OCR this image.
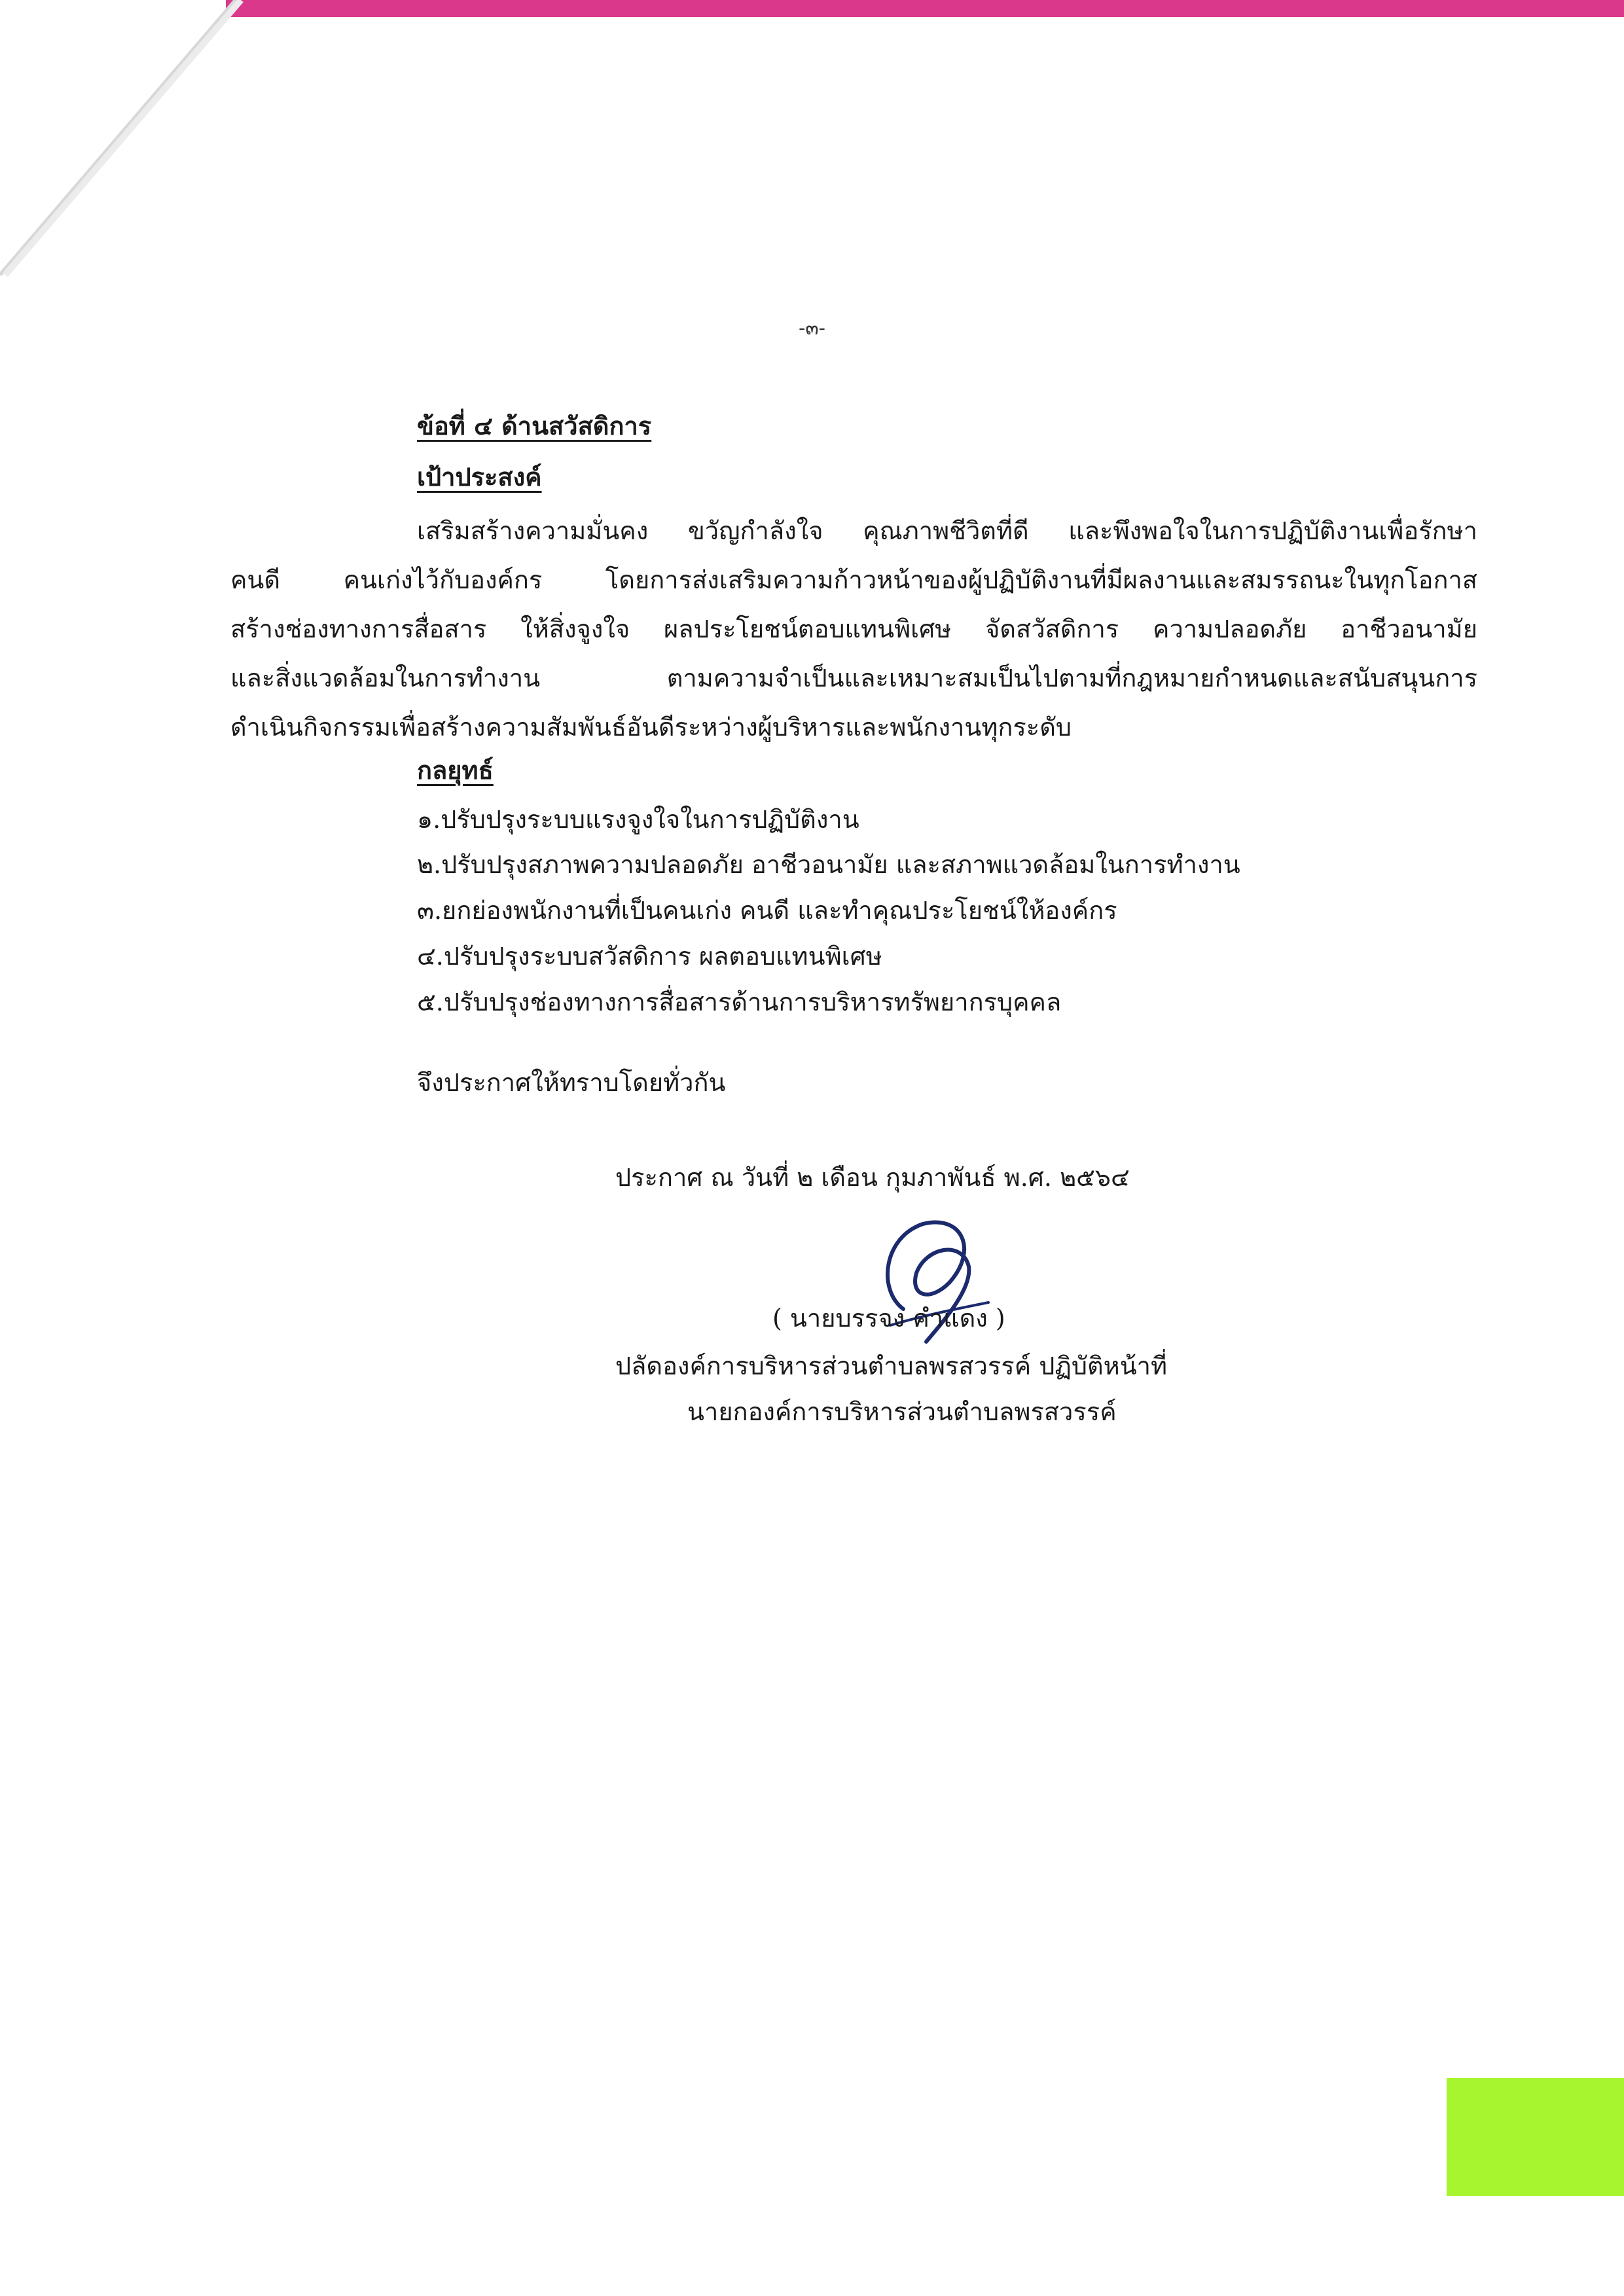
-๓-
ข้อที่ ๔ ด้านสวัสดิการ
เป้าประสงค์
เสริมสร้างความมั่นคง ขวัญกำลังใจ คุณภาพชีวิตที่ดี และพึงพอใจในการปฏิบัติงานเพื่อรักษา
คนดี คนเก่งไว้กับองค์กร โดยการส่งเสริมความก้าวหน้าของผู้ปฏิบัติงานที่มีผลงานและสมรรถนะในทุกโอกาส
สร้างช่องทางการสื่อสาร ให้สิ่งจูงใจ ผลประโยชน์ตอบแทนพิเศษ จัดสวัสดิการ ความปลอดภัย อาชีวอนามัย
และสิ่งแวดล้อมในการทำงาน ตามความจำเป็นและเหมาะสมเป็นไปตามที่กฎหมายกำหนดและสนับสนุนการ
ดำเนินกิจกรรมเพื่อสร้างความสัมพันธ์อันดีระหว่างผู้บริหารและพนักงานทุกระดับ
กลยุทธ์
๑.ปรับปรุงระบบแรงจูงใจในการปฏิบัติงาน
๒.ปรับปรุงสภาพความปลอดภัย อาชีวอนามัย และสภาพแวดล้อมในการทำงาน
๓.ยกย่องพนักงานที่เป็นคนเก่ง คนดี และทำคุณประโยชน์ให้องค์กร
๔.ปรับปรุงระบบสวัสดิการ ผลตอบแทนพิเศษ
๕.ปรับปรุงช่องทางการสื่อสารด้านการบริหารทรัพยากรบุคคล
จึงประกาศให้ทราบโดยทั่วกัน
ประกาศ ณ วันที่ ๒ เดือน กุมภาพันธ์ พ.ศ. ๒๕๖๔
( นายบรรจง คำแดง )
ปลัดองค์การบริหารส่วนตำบลพรสวรรค์ ปฏิบัติหน้าที่
นายกองค์การบริหารส่วนตำบลพรสวรรค์
